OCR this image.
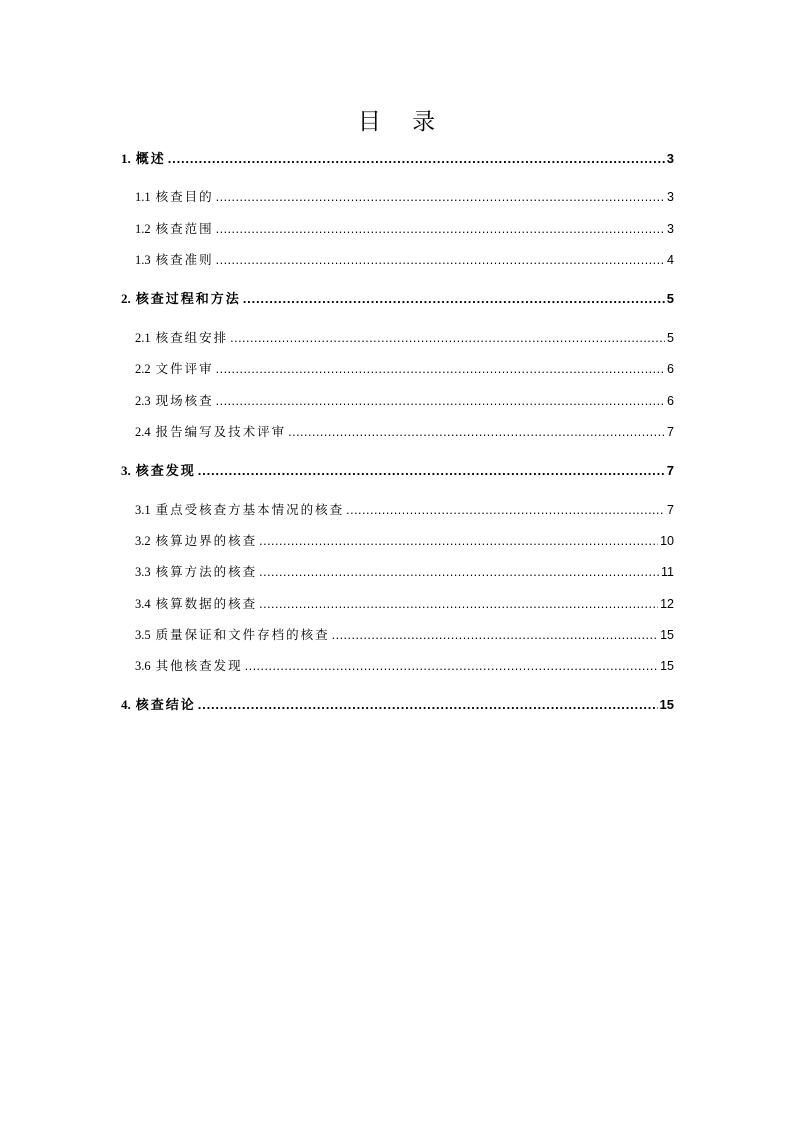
目 录
1. 概述 .....	3
1.1 核查目的 .....	3
1.2 核查范围 .....	3
1.3 核查准则 .....	4
2. 核查过程和方法 .....	5
2.1 核查组安排 .....	5
2.2 文件评审 .....	6
2.3 现场核查 .....	6
2.4 报告编写及技术评审 .....	7
3. 核查发现 .....	7
3.1 重点受核查方基本情况的核查 .....	7
3.2 核算边界的核查 .....	10
3.3 核算方法的核查 .....	11
3.4 核算数据的核查 .....	12
3.5 质量保证和文件存档的核查 .....	15
3.6 其他核查发现 .....	15
4. 核查结论 .....	15
